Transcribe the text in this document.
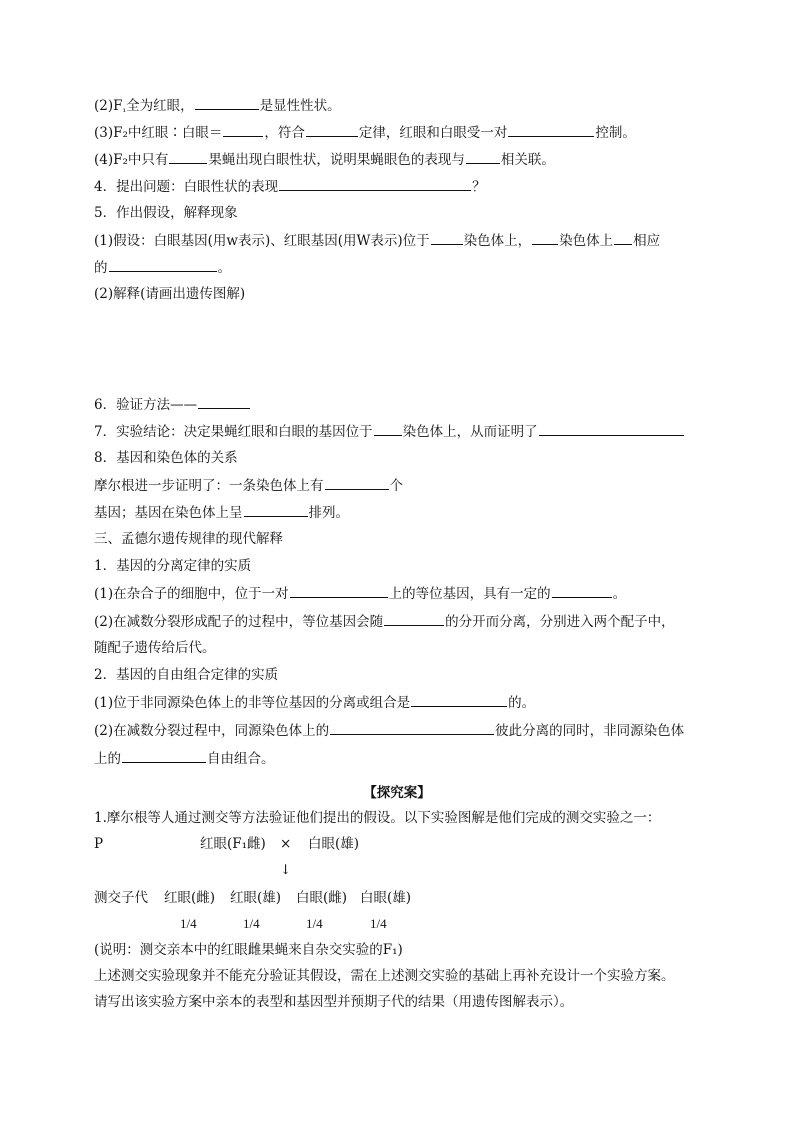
$(2)F_{_1}$全为红眼，	是显性性状。
(3)F₂中红眼∶白眼＝	，符合	定律，红眼和白眼受一对	控制。
(4)F₂中只有	果蝇出现白眼性状，说明果蝇眼色的表现与	相关联。
4．提出问题：白眼性状的表现	？
5．作出假设，解释现象
(1)假设：白眼基因(用w表示)、红眼基因(用W表示)位于	染色体上， 染色体上 相应
的	。
(2)解释(请画出遗传图解)
6．验证方法——
7．实验结论：决定果蝇红眼和白眼的基因位于 染色体上，从而证明了
8．基因和染色体的关系
摩尔根进一步证明了：一条染色体上有	个
基因；基因在染色体上呈	排列。
三、孟德尔遗传规律的现代解释
1．基因的分离定律的实质
(1)在杂合子的细胞中，位于一对	上的等位基因，具有一定的	。
(2)在减数分裂形成配子的过程中，等位基因会随	的分开而分离，分别进入两个配子中，
随配子遗传给后代。
2．基因的自由组合定律的实质
(1)位于非同源染色体上的非等位基因的分离或组合是	的。
(2)在减数分裂过程中，同源染色体上的	彼此分离的同时，非同源染色体
上的	自由组合。
【探究案】
1.摩尔根等人通过测交等方法验证他们提出的假设。以下实验图解是他们完成的测交实验之一：
P	红眼(F₁雌) × 白眼(雄)
↓
测交子代 红眼(雌) 红眼(雄) 白眼(雌) 白眼(雄)
1/4	1/4	1/4	1/4
(说明：测交亲本中的红眼雌果蝇来自杂交实验的F₁)
上述测交实验现象并不能充分验证其假设，需在上述测交实验的基础上再补充设计一个实验方案。
请写出该实验方案中亲本的表型和基因型并预期子代的结果（用遗传图解表示）。
